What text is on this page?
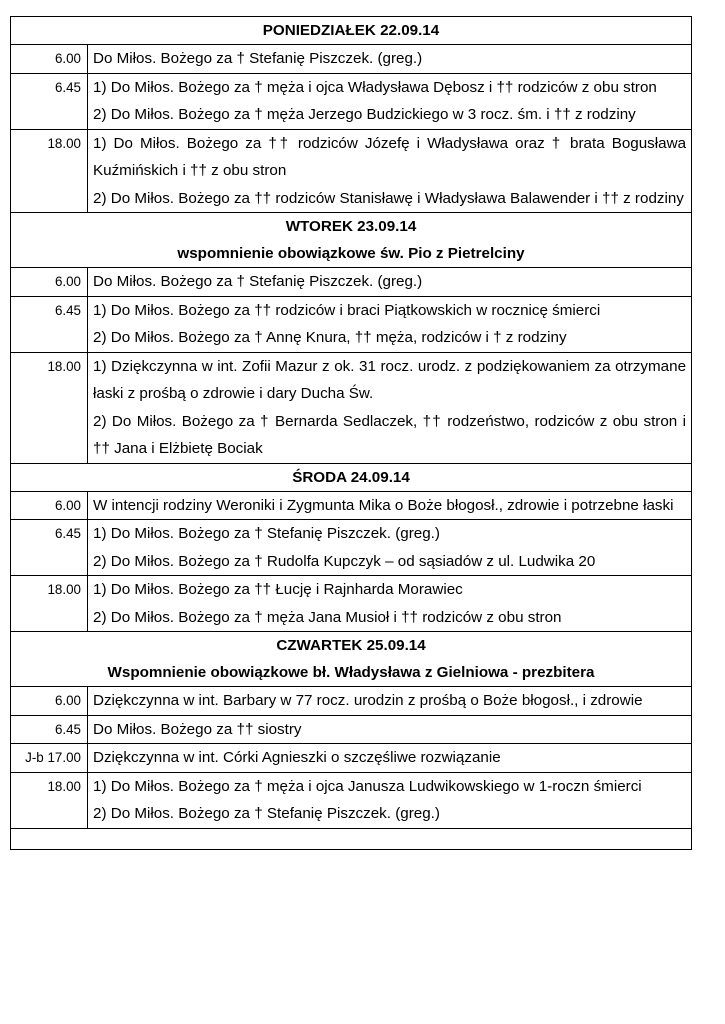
PONIEDZIAŁEK 22.09.14	

6.00	Do Miłos. Bożego za † Stefanię Piszczek. (greg.)

6.45	1) Do Miłos. Bożego za † męża i ojca Władysława Dębosz i †† rodziców z obu stron
2) Do Miłos. Bożego za † męża Jerzego Budzickiego w 3 rocz. śm. i †† z rodziny

18.00	1) Do Miłos. Bożego za †† rodziców Józefę i Władysława oraz † brata Bogusława Kuźmińskich i †† z obu stron
2) Do Miłos. Bożego za †† rodziców Stanisławę i Władysława Balawender i †† z rodziny

WTOREK 23.09.14
wspomnienie obowiązkowe św. Pio z Pietrelciny	

6.00	Do Miłos. Bożego za † Stefanię Piszczek. (greg.)

6.45	1) Do Miłos. Bożego za †† rodziców i braci Piątkowskich w rocznicę śmierci
2) Do Miłos. Bożego za † Annę Knura, †† męża, rodziców i † z rodziny

18.00	1) Dziękczynna w int. Zofii Mazur z ok. 31 rocz. urodz. z podziękowaniem za otrzymane łaski z prośbą o zdrowie i dary Ducha Św.
2) Do Miłos. Bożego za † Bernarda Sedlaczek, †† rodzeństwo, rodziców z obu stron i †† Jana i Elżbietę Bociak

ŚRODA 24.09.14	

6.00	W intencji rodziny Weroniki i Zygmunta Mika o Boże błogosł., zdrowie i potrzebne łaski

6.45	1) Do Miłos. Bożego za † Stefanię Piszczek. (greg.)
2) Do Miłos. Bożego za † Rudolfa Kupczyk – od sąsiadów z ul. Ludwika 20

18.00	1) Do Miłos. Bożego za †† Łucję i Rajnharda Morawiec
2) Do Miłos. Bożego za † męża Jana Musioł i †† rodziców z obu stron

CZWARTEK 25.09.14
Wspomnienie obowiązkowe bł. Władysława z Gielniowa - prezbitera	

6.00	Dziękczynna w int. Barbary w 77 rocz. urodzin z prośbą o Boże błogosł., i zdrowie

6.45	Do Miłos. Bożego za †† siostry

J-b 17.00	Dziękczynna w int. Córki Agnieszki o szczęśliwe rozwiązanie

18.00	1) Do Miłos. Bożego za † męża i ojca Janusza Ludwikowskiego w 1-roczn śmierci
2) Do Miłos. Bożego za † Stefanię Piszczek. (greg.)
